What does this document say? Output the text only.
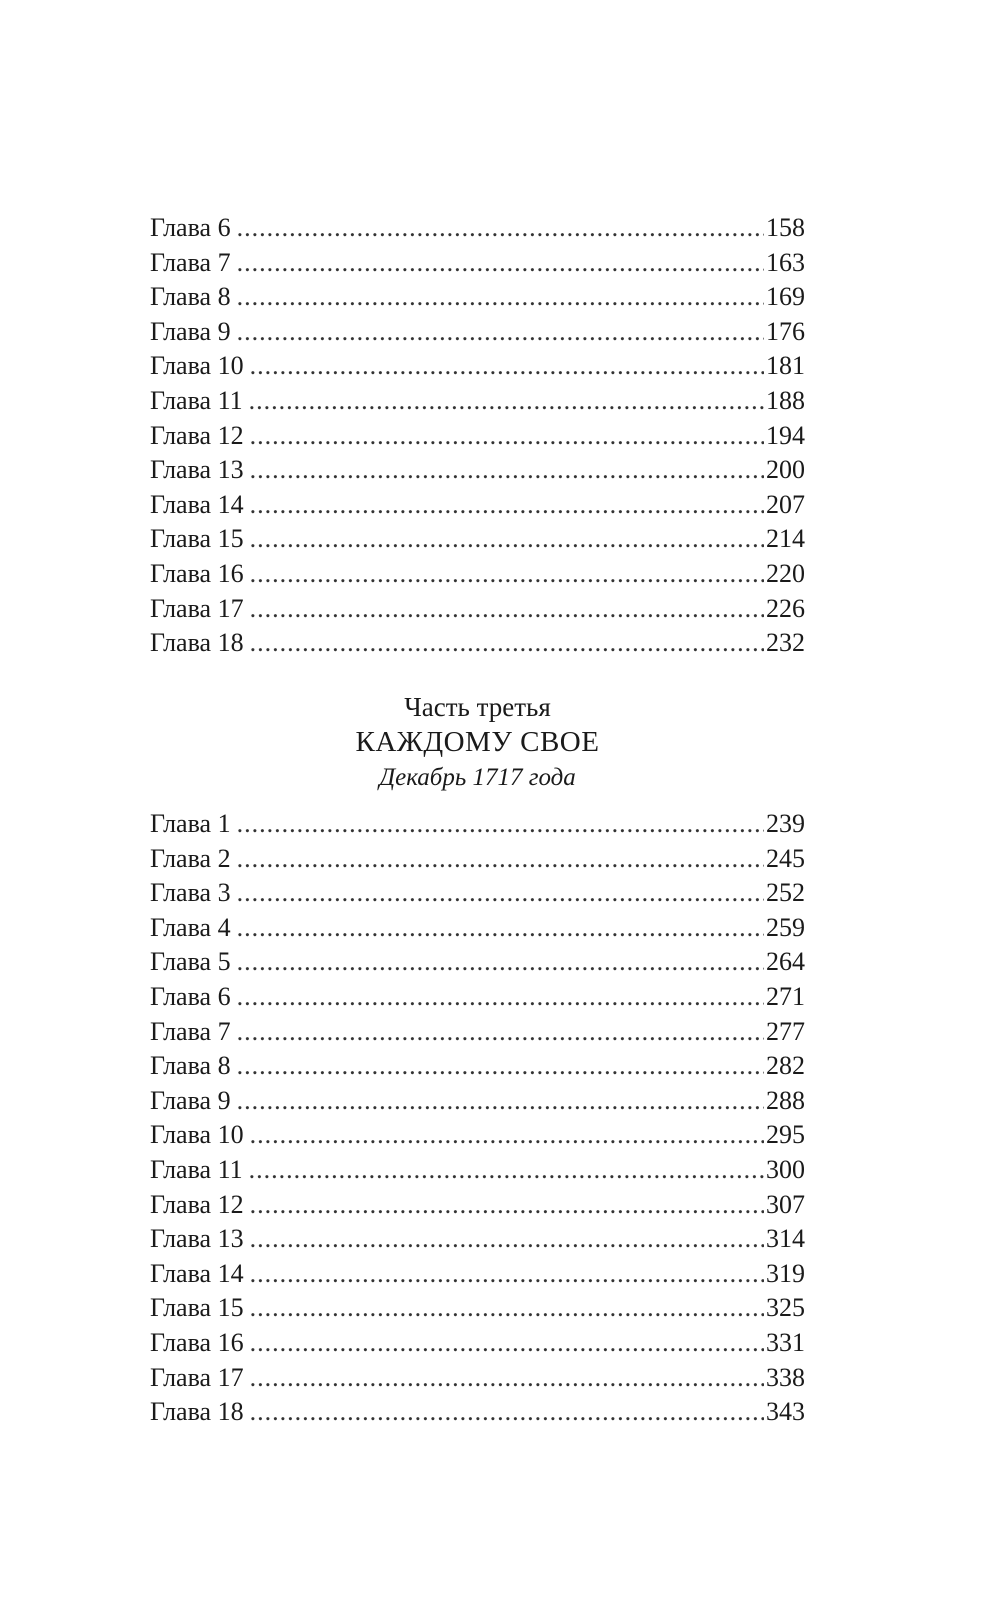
Глава 6 .....	158
Глава 7 .....	163
Глава 8 .....	169
Глава 9 .....	176
Глава 10 .....	181
Глава 11 .....	188
Глава 12 .....	194
Глава 13 .....	200
Глава 14 .....	207
Глава 15 .....	214
Глава 16 .....	220
Глава 17 .....	226
Глава 18 .....	232
Часть третья
КАЖДОМУ СВОЕ
Декабрь 1717 года
Глава 1 .....	239
Глава 2 .....	245
Глава 3 .....	252
Глава 4 .....	259
Глава 5 .....	264
Глава 6 .....	271
Глава 7 .....	277
Глава 8 .....	282
Глава 9 .....	288
Глава 10 .....	295
Глава 11 .....	300
Глава 12 .....	307
Глава 13 .....	314
Глава 14 .....	319
Глава 15 .....	325
Глава 16 .....	331
Глава 17 .....	338
Глава 18 .....	343
